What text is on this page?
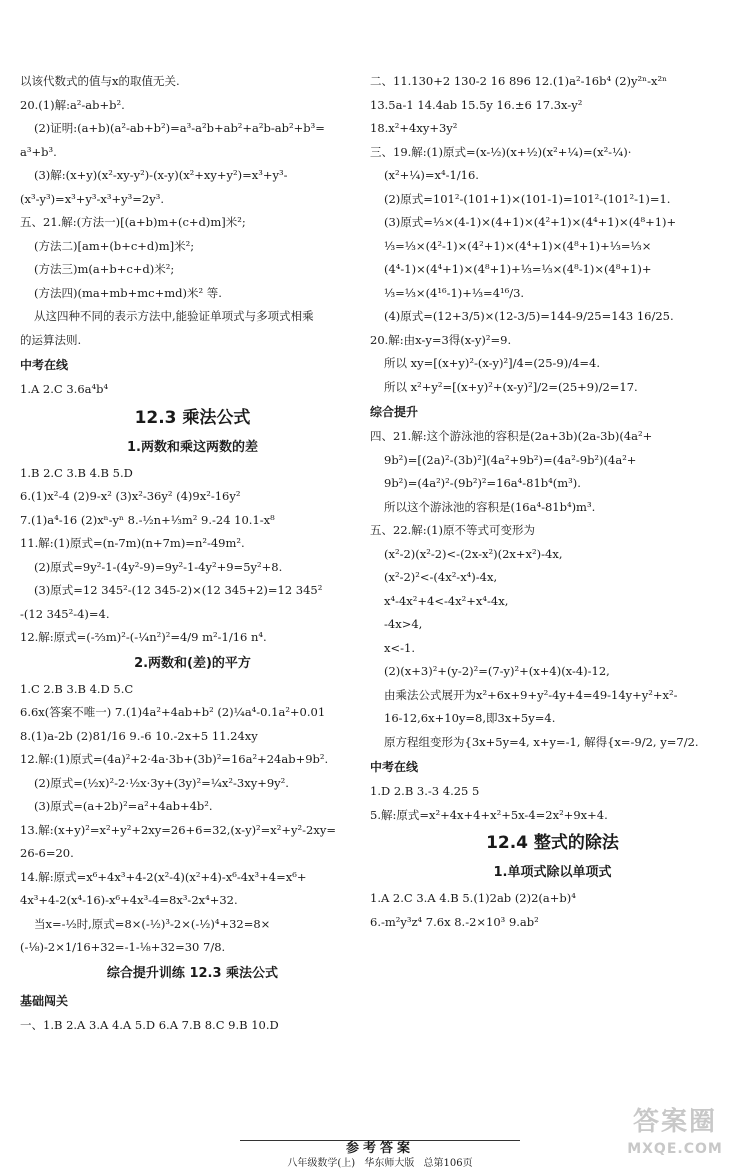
以该代数式的值与x的取值无关.
20.(1)解:a²-ab+b².
(2)证明:(a+b)(a²-ab+b²)=a³-a²b+ab²+a²b-ab²+b³=
a³+b³.
(3)解:(x+y)(x²-xy-y²)-(x-y)(x²+xy+y²)=x³+y³-
(x³-y³)=x³+y³-x³+y³=2y³.
五、21.解:(方法一)[(a+b)m+(c+d)m]米²;
(方法二)[am+(b+c+d)m]米²;
(方法三)m(a+b+c+d)米²;
(方法四)(ma+mb+mc+md)米² 等.
从这四种不同的表示方法中,能验证单项式与多项式相乘
的运算法则.
中考在线
1.A 2.C 3.6a⁴b⁴
12.3 乘法公式
1.两数和乘这两数的差
1.B 2.C 3.B 4.B 5.D
6.(1)x²-4 (2)9-x² (3)x²-36y² (4)9x²-16y²
7.(1)a⁴-16 (2)xⁿ-yⁿ 8.-½n+⅓m² 9.-24 10.1-x⁸
11.解:(1)原式=(n-7m)(n+7m)=n²-49m².
(2)原式=9y²-1-(4y²-9)=9y²-1-4y²+9=5y²+8.
(3)原式=12 345²-(12 345-2)×(12 345+2)=12 345²
-(12 345²-4)=4.
12.解:原式=(-⅔m)²-(-¼n²)²=4/9 m²-1/16 n⁴.
2.两数和(差)的平方
1.C 2.B 3.B 4.D 5.C
6.6x(答案不唯一) 7.(1)4a²+4ab+b² (2)¼a⁴-0.1a²+0.01
8.(1)a-2b (2)81/16 9.-6 10.-2x+5 11.24xy
12.解:(1)原式=(4a)²+2·4a·3b+(3b)²=16a²+24ab+9b².
(2)原式=(½x)²-2·½x·3y+(3y)²=¼x²-3xy+9y².
(3)原式=(a+2b)²=a²+4ab+4b².
13.解:(x+y)²=x²+y²+2xy=26+6=32,(x-y)²=x²+y²-2xy=
26-6=20.
14.解:原式=x⁶+4x³+4-2(x²-4)(x²+4)-x⁶-4x³+4=x⁶+
4x³+4-2(x⁴-16)-x⁶+4x³-4=8x³-2x⁴+32.
当x=-½时,原式=8×(-½)³-2×(-½)⁴+32=8×
(-⅛)-2×1/16+32=-1-⅛+32=30 7/8.
综合提升训练 12.3 乘法公式
基础闯关
一、1.B 2.A 3.A 4.A 5.D 6.A 7.B 8.C 9.B 10.D
二、11.130+2 130-2 16 896 12.(1)a²-16b⁴ (2)y²ⁿ-x²ⁿ
13.5a-1 14.4ab 15.5y 16.±6 17.3x-y²
18.x²+4xy+3y²
三、19.解:(1)原式=(x-½)(x+½)(x²+¼)=(x²-¼)·
(x²+¼)=x⁴-1/16.
(2)原式=101²-(101+1)×(101-1)=101²-(101²-1)=1.
(3)原式=⅓×(4-1)×(4+1)×(4²+1)×(4⁴+1)×(4⁸+1)+
⅓=⅓×(4²-1)×(4²+1)×(4⁴+1)×(4⁸+1)+⅓=⅓×
(4⁴-1)×(4⁴+1)×(4⁸+1)+⅓=⅓×(4⁸-1)×(4⁸+1)+
⅓=⅓×(4¹⁶-1)+⅓=4¹⁶/3.
(4)原式=(12+3/5)×(12-3/5)=144-9/25=143 16/25.
20.解:由x-y=3得(x-y)²=9.
所以 xy=[(x+y)²-(x-y)²]/4=(25-9)/4=4.
所以 x²+y²=[(x+y)²+(x-y)²]/2=(25+9)/2=17.
综合提升
四、21.解:这个游泳池的容积是(2a+3b)(2a-3b)(4a²+
9b²)=[(2a)²-(3b)²](4a²+9b²)=(4a²-9b²)(4a²+
9b²)=(4a²)²-(9b²)²=16a⁴-81b⁴(m³).
所以这个游泳池的容积是(16a⁴-81b⁴)m³.
五、22.解:(1)原不等式可变形为
(x²-2)(x²-2)<-(2x-x²)(2x+x²)-4x,
(x²-2)²<-(4x²-x⁴)-4x,
x⁴-4x²+4<-4x²+x⁴-4x,
-4x>4,
x<-1.
(2)(x+3)²+(y-2)²=(7-y)²+(x+4)(x-4)-12,
由乘法公式展开为x²+6x+9+y²-4y+4=49-14y+y²+x²-
16-12,6x+10y=8,即3x+5y=4.
原方程组变形为{3x+5y=4, x+y=-1, 解得{x=-9/2, y=7/2.
中考在线
1.D 2.B 3.-3 4.25 5
5.解:原式=x²+4x+4+x²+5x-4=2x²+9x+4.
12.4 整式的除法
1.单项式除以单项式
1.A 2.C 3.A 4.B 5.(1)2ab (2)2(a+b)⁴
6.-m²y³z⁴ 7.6x 8.-2×10³ 9.ab²
参考答案
八年级数学(上) 华东师大版 总第106页
答案圈
MXQE.COM
